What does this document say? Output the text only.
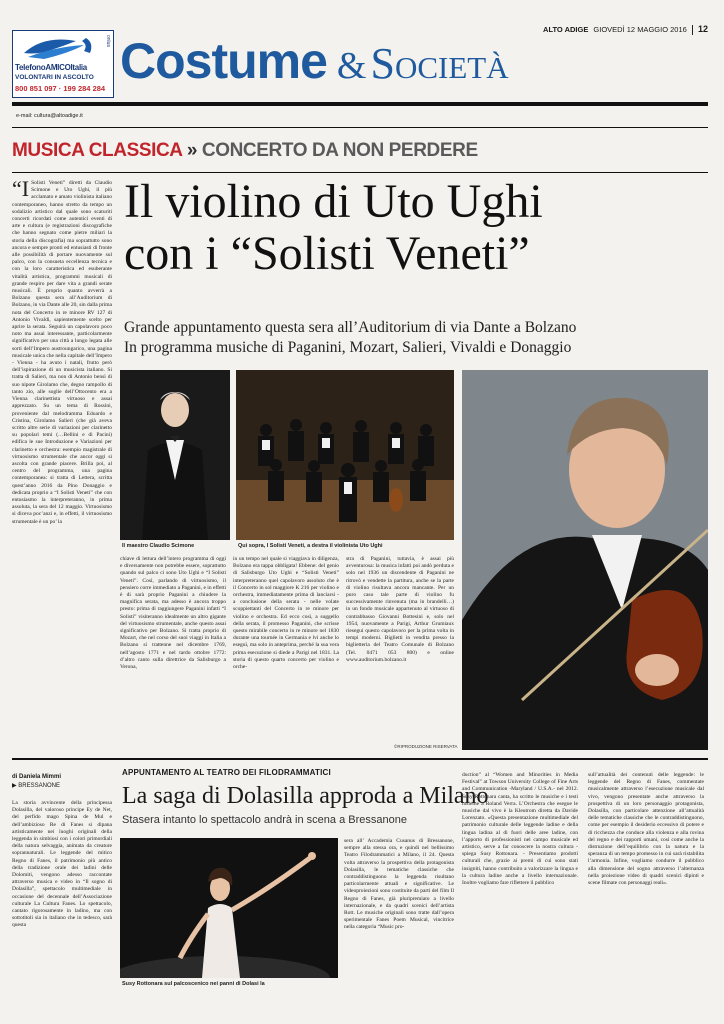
ALTO ADIGE GIOVEDÌ 12 MAGGIO 2016 12
onlus
TelefonoAMICOItalia
VOLONTARI IN ASCOLTO
800 851 097 · 199 284 284 Costume & Società
e-mail: cultura@altoadige.it
MUSICA CLASSICA » CONCERTO DA NON PERDERE
“I Solisti Veneti” diretti da Claudio Scimone e Uto Ughi, il più acclamato e amato violinista italiano contemporaneo, hanno stretto da tempo un sodalizio artistico dal quale sono scaturiti concerti ricordati come autentici eventi di arte e cultura (e registrazioni discografiche che hanno segnato come pietre miliari la storia della discografia) ma soprattutto sono ancora e sempre pronti ed entusiasti di fronte alle possibilità di portare nuovamente sul palco, con la consueta eccellenza tecnica e con la loro caratteristica ed esuberante vitalità artistica, programmi musicali di grande respiro per dare vita a grandi serate musicali. È proprio quanto avverrà a Bolzano questa sera all’Auditorium di Bolzano, in via Dante alle 20, sin dalla prima nota del Concerto in re minore RV 127 di Antonio Vivaldi, sapientemente scelto per aprire la serata. Seguirà un capolavoro poco noto ma assai interessante, particolarmente significativo per una città a lungo legata alle sorti dell’Impero austroungarico, una pagina musicale unica che nella capitale dell’Impero - Vienna - ha avuto i natali, frutto però dell’ispirazione di un musicista italiano. Si tratta di Salieri, ma non di Antonio bensì di suo nipote Girolamo che, degno rampollo di tanto zio, alle soglie dell’Ottocento era a Vienna clarinettista virtuoso e assai apprezzato. Su un tema di Rossini, proveniente dal melodramma Edoardo e Cristina, Girolamo Salieri (che già aveva scritto altre serie di variazioni per clarinetto su popolari temi (…Bellini e di Pacini) edifica le sue Introduzione e Variazioni per clarinetto e orchestra: esempio magistrale di virtuosismo strumentale che ancor oggi si ascolta con grande piacere. Brilla poi, al centro del programma, una pagina contemporanea: si tratta di Lettera, scritta quest’anno 2016 da Pino Donaggio e dedicata proprio a “I Solisti Veneti” che con entusiasmo la interpreteranno, in prima assoluta, la sera del 12 maggio. Virtuosismo si diceva poc’anzi e, in effetti, il virtuosismo strumentale è un po’ la
Il violino di Uto Ughi
con i “Solisti Veneti”
Grande appuntamento questa sera all’Auditorium di via Dante a Bolzano
In programma musiche di Paganini, Mozart, Salieri, Vivaldi e Donaggio
Il maestro Claudio Scimone	Qui sopra, I Solisti Veneti, a destra il violinista Uto Ughi
chiave di lettura dell’intero programma di oggi e diversamente non potrebbe essere, soprattutto quando sul palco ci sono Uto Ughi e “I Solisti Veneti”. Così, parlando di virtuosismo, il pensiero corre immediato a Paganini, e in effetti è di sarà proprio Paganini a chiudere la magnifica serata, ma adesso è ancora troppo presto: prima di raggiungere Paganini infatti “I Solisti” visiteranno idealmente un altro gigante del virtuosismo strumentale, anche questo assai significativo per Bolzano. Si tratta proprio di Mozart, che nel corso del suoi viaggi in Italia a Bolzano si trattenne nel dicembre 1769, nell’agosto 1771 e nel tardo ottobre 1772: d’altro canto sulla direttrice da Salisburgo a Verona,
in un tempo nel quale si viaggiava in diligenza, Bolzano era tappa obbligata! Ebbene: del genio di Salisburgo Uto Ughi e “Solisti Veneti” interpreteranno quel capolavoro assoluto che è il Concerto in sol maggiore K 216 per violino e orchestra, immediatamente prima di lanciarsi - a conclusione della serata - nelle volate scoppiettanti del Concerto in re minore per violino e orchestra. Ed ecco così, a suggello della serata, il promesso Paganini, che scrisse questo mirabile concerto in re minore nel 1830 durante una tournée in Germania e lvi anche lo eseguì, ma solo in anteprima, perché la sua vera prima esecuzione si diede a Parigi nel 1831. La storia di questo quarto concerto per violino e orche-
stra di Paganini, tuttavia, è assai più avventurosa: la musica infatti poi andò perduta e solo nel 1936 un discendente di Paganini ne ritrovò e vendette la partitura, anche se la parte di violino risultava ancora mancante. Per un puro caso tale parte di violino fu successivamente rinvenuta (ma in brandelli…) in un fondo musicale appartenuto al virtuoso di contrabbasso Giovanni Bottesini e, solo nel 1954, nuovamente a Parigi, Arthur Grumiaux riesegui questo capolavoro per la prima volta in tempi moderni. Biglietti in vendita presso la biglietteria del Teatro Comunale di Bolzano (Tel. 0471 053 800) e online www.auditorium.bolzano.it
©RIPRODUZIONE RISERVATA
di Daniela Mimmi
▶ BRESSANONE
La storia avvincente della principessa Dolasilla, del valoroso principe Ey de Net, del perfido mago Spina de Mul e dell’ambizioso Re di Fanes si dipana artisticamente nei luoghi originali della leggenda in simbiosi con i colori primordiali della natura selvaggia, animata da creature soprannaturali. Le leggende del mitico Regno di Fanes, il patrimonio più antico della tradizione orale dei ladini delle Dolomiti, vengono adesso raccontate attraverso musica e video in “Il sogno di Dolasilla”, spettacolo multimediale in occasione del decennale dell’Associazione culturale La Cultura Fanes. Lo spettacolo, cantato rigorosamente in ladino, ma con sottotitoli sia in italiano che in tedesco, sarà questa
APPUNTAMENTO AL TEATRO DEI FILODRAMMATICI
La saga di Dolasilla approda a Milano
Stasera intanto lo spettacolo andrà in scena a Bressanone
Susy Rottonara sul palcoscenico nei panni di Dolasi la
sera all’ Accademia Cusanus di Bressanone, sempre alla stessa ora, e quindi nel bellissimo Teatro Filodrammatici a Milano, il 24. Questa volta attraverso la prospettiva della protagonista Dolasilla, le tematiche classiche che contraddistinguono la leggenda risultano particolarmente attuali e significative. Le videoproiezioni sono costituite da parti del film Il Regno di Fanes, già pluripremiato a livello internazionale, e da quadri scenici dell’artista Rott. Le musiche originali sono tratte dall’opera sperimentale Fanes Poem Musical, vincitrice nella categoria “Music pro-
duction” al “Women and Minorities in Media Festival” at Towson University College of Fine Arts and Communication -Maryland / U.S.A.- nel 2012. Susy Rottonara canta, ha scritto le musiche e i testi insieme a Roland Verra. L’Orchestra che esegue le musiche dal vivo è la Kleutrom diretta da Davide Lorenzato. «Questa presentazione multimediale del patrimonio culturale delle leggende ladine e della lingua ladina al di fuori delle aree ladine, con l’apporto di professionisti nel campo musicale ed artistico, serve a far conoscere la nostra cultura - spiega Susy Rottonara. - Presentiamo prodotti culturali che, grazie ai premi di cui sono stati insigniti, hanno contribuito a valorizzare la lingua e la cultura ladine anche a livello internazionale. Inoltre vogliamo fare riflettere il pubblico
sull’attualità dei contenuti delle leggende: le leggende del Regno di Fanes, commentate musicalmente attraverso l’esecuzione musicale dal vivo, vengono presentate anche attraverso la prospettiva di un loro personaggio protagonista, Dolasilla, con particolare attenzione all’attualità delle tematiche classiche che le contraddistinguono, come per esempio il desiderio eccessivo di potere e di ricchezza che conduce alla violenza e alla rovina del regno e dei rapporti umani, così come anche la distruzione dell’equilibrio con la natura e la speranza di un tempo promesso in cui sarà ristabilita l’armonia. Infine, vogliamo condurre il pubblico alla dimensione del sogno attraverso l’alternanza nella proiezione video di quadri scenici dipinti e scene filmate con personaggi reali».
